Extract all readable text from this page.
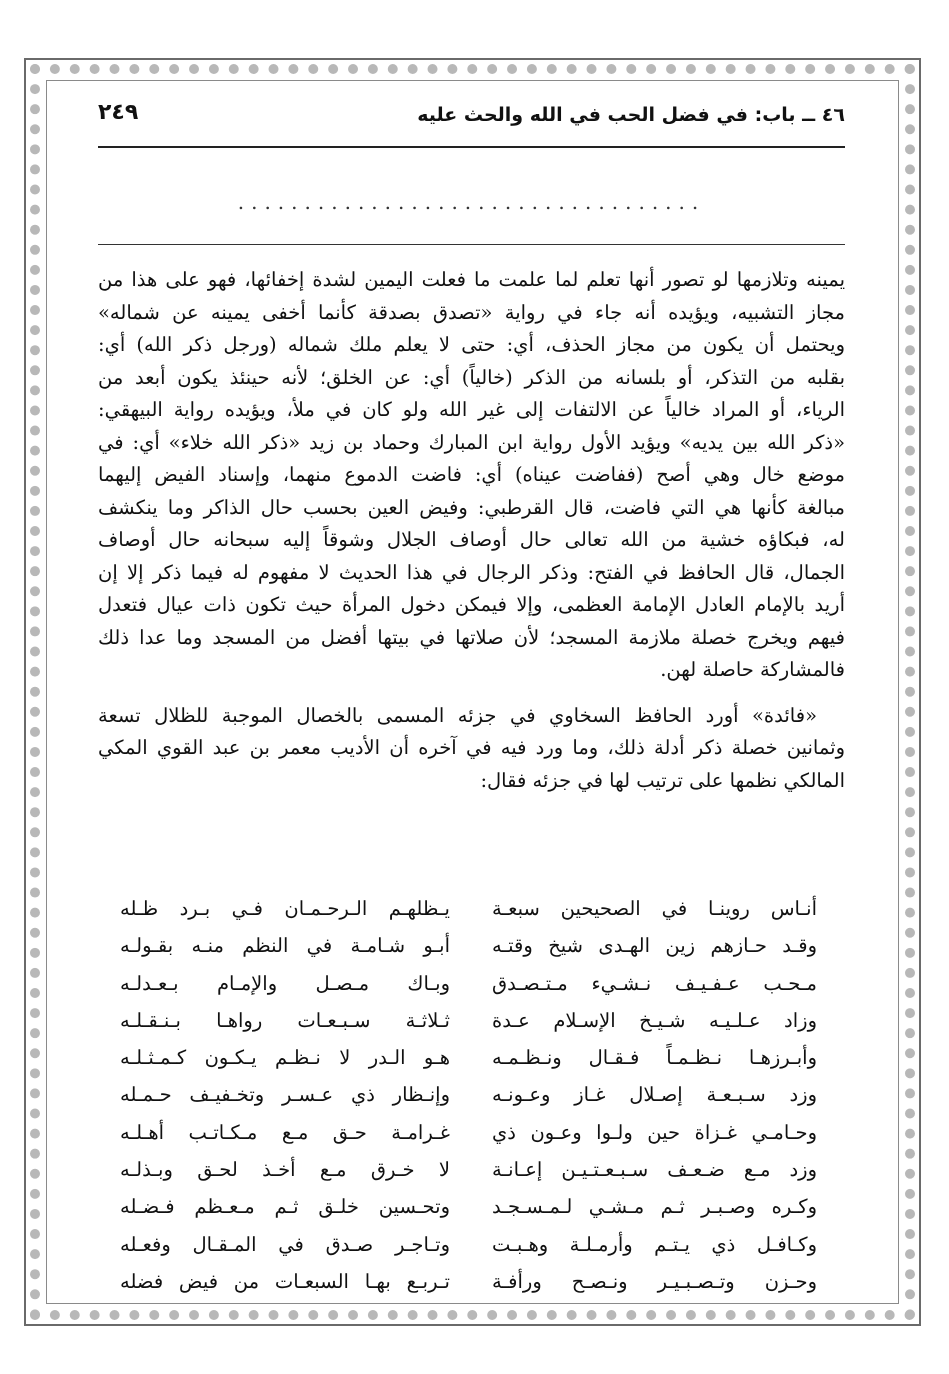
٤٦ ــ باب: في فضل الحب في الله والحث عليه
٢٤٩
...................................

يمينه وتلازمها لو تصور أنها تعلم لما علمت ما فعلت اليمين لشدة إخفائها، فهو على هذا من
مجاز التشبيه، ويؤيده أنه جاء في رواية «تصدق بصدقة كأنما أخفى يمينه عن شماله»
ويحتمل أن يكون من مجاز الحذف، أي: حتى لا يعلم ملك شماله (ورجل ذكر الله) أي:
بقلبه من التذكر، أو بلسانه من الذكر (خالياً) أي: عن الخلق؛ لأنه حينئذ يكون أبعد من
الرياء، أو المراد خالياً عن الالتفات إلى غير الله ولو كان في ملأ، ويؤيده رواية البيهقي:
«ذكر الله بين يديه» ويؤيد الأول رواية ابن المبارك وحماد بن زيد «ذكر الله خلاء» أي: في
موضع خال وهي أصح (ففاضت عيناه) أي: فاضت الدموع منهما، وإسناد الفيض إليهما
مبالغة كأنها هي التي فاضت، قال القرطبي: وفيض العين بحسب حال الذاكر وما ينكشف
له، فبكاؤه خشية من الله تعالى حال أوصاف الجلال وشوقاً إليه سبحانه حال أوصاف
الجمال، قال الحافظ في الفتح: وذكر الرجال في هذا الحديث لا مفهوم له فيما ذكر إلا إن
أريد بالإمام العادل الإمامة العظمى، وإلا فيمكن دخول المرأة حيث تكون ذات عيال فتعدل
فيهم ويخرج خصلة ملازمة المسجد؛ لأن صلاتها في بيتها أفضل من المسجد وما عدا ذلك
فالمشاركة حاصلة لهن.

«فائدة» أورد الحافظ السخاوي في جزئه المسمى بالخصال الموجبة للظلال تسعة
وثمانين خصلة ذكر أدلة ذلك، وما ورد فيه في آخره أن الأديب معمر بن عبد القوي المكي
المالكي نظمها على ترتيب لها في جزئه فقال:

أنـاس روينـا في الصحيحين سبعـة
يـظلهـم الـرحـمـان فـي بـرد ظـله
وقـد حـازهم زين الهـدى شيخ وقتـه
أبـو شـامـة في النظم منـه بقـولـه
مـحـب عـفـيـف نـشـيء مـتـصـدق
وبـاك مـصـل والإمـام بـعـدلـه
وزاد عـلـيـه شـيـخ الإسـلام عـدة
ثـلاثـة سـبـعـات رواهـا بـنـقـلـه
وأبـرزهـا نـظـمـاً فـقـال ونـظـمـه
هـو الـدر لا نـظـم يـكـون كـمـثـلـه
وزد سـبـعـة إصـلال غـاز وعـونـه
وإنـظار ذي عـسـر وتخـفيـف حـمـله
وحـامـي غـزاة حين ولـوا وعـون ذي
غـرامـة حـق مـع مـكـاتـب أهـلـه
وزد مـع ضـعـف سـبـعـتـيـن إعـانـة
لا خـرق مـع أخـذ لحـق وبـذلـه
وكـره وصـبـر ثـم مـشـي لـمـسـجـد
وتحـسين خلـق ثـم مـعـظم فـضـله
وكـافـل ذي يـتـم وأرمـلـة وهـبـت
وتـاجـر صـدق في المـقـال وفعـله
وحـزن وتـصـبـيـر ونـصـح ورأفـة
تـربـع بهـا السبعـات من فيض فضله
